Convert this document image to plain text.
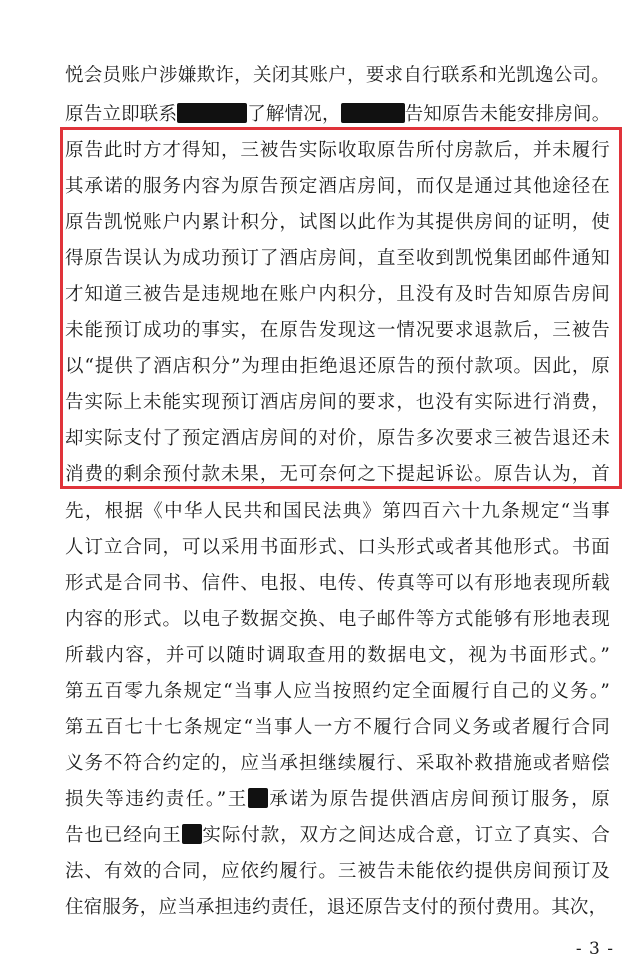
悦会员账户涉嫌欺诈，关闭其账户，要求自行联系和光凯逸公司。
原告立即联系	了解情况，	告知原告未能安排房间。
原告此时方才得知，三被告实际收取原告所付房款后，并未履行
其承诺的服务内容为原告预定酒店房间，而仅是通过其他途径在
原告凯悦账户内累计积分，试图以此作为其提供房间的证明，使
得原告误认为成功预订了酒店房间，直至收到凯悦集团邮件通知
才知道三被告是违规地在账户内积分，且没有及时告知原告房间
未能预订成功的事实，在原告发现这一情况要求退款后，三被告
以“提供了酒店积分”为理由拒绝退还原告的预付款项。因此，原
告实际上未能实现预订酒店房间的要求，也没有实际进行消费，
却实际支付了预定酒店房间的对价，原告多次要求三被告退还未
消费的剩余预付款未果，无可奈何之下提起诉讼。原告认为，首
先，根据《中华人民共和国民法典》第四百六十九条规定“当事
人订立合同，可以采用书面形式、口头形式或者其他形式。书面
形式是合同书、信件、电报、电传、传真等可以有形地表现所载
内容的形式。以电子数据交换、电子邮件等方式能够有形地表现
所载内容，并可以随时调取查用的数据电文，视为书面形式。”
第五百零九条规定“当事人应当按照约定全面履行自己的义务。”
第五百七十七条规定“当事人一方不履行合同义务或者履行合同
义务不符合约定的，应当承担继续履行、采取补救措施或者赔偿
损失等违约责任。”王 承诺为原告提供酒店房间预订服务，原
告也已经向王 实际付款，双方之间达成合意，订立了真实、合
法、有效的合同，应依约履行。三被告未能依约提供房间预订及
住宿服务，应当承担违约责任，退还原告支付的预付费用。其次，
- 3 -
